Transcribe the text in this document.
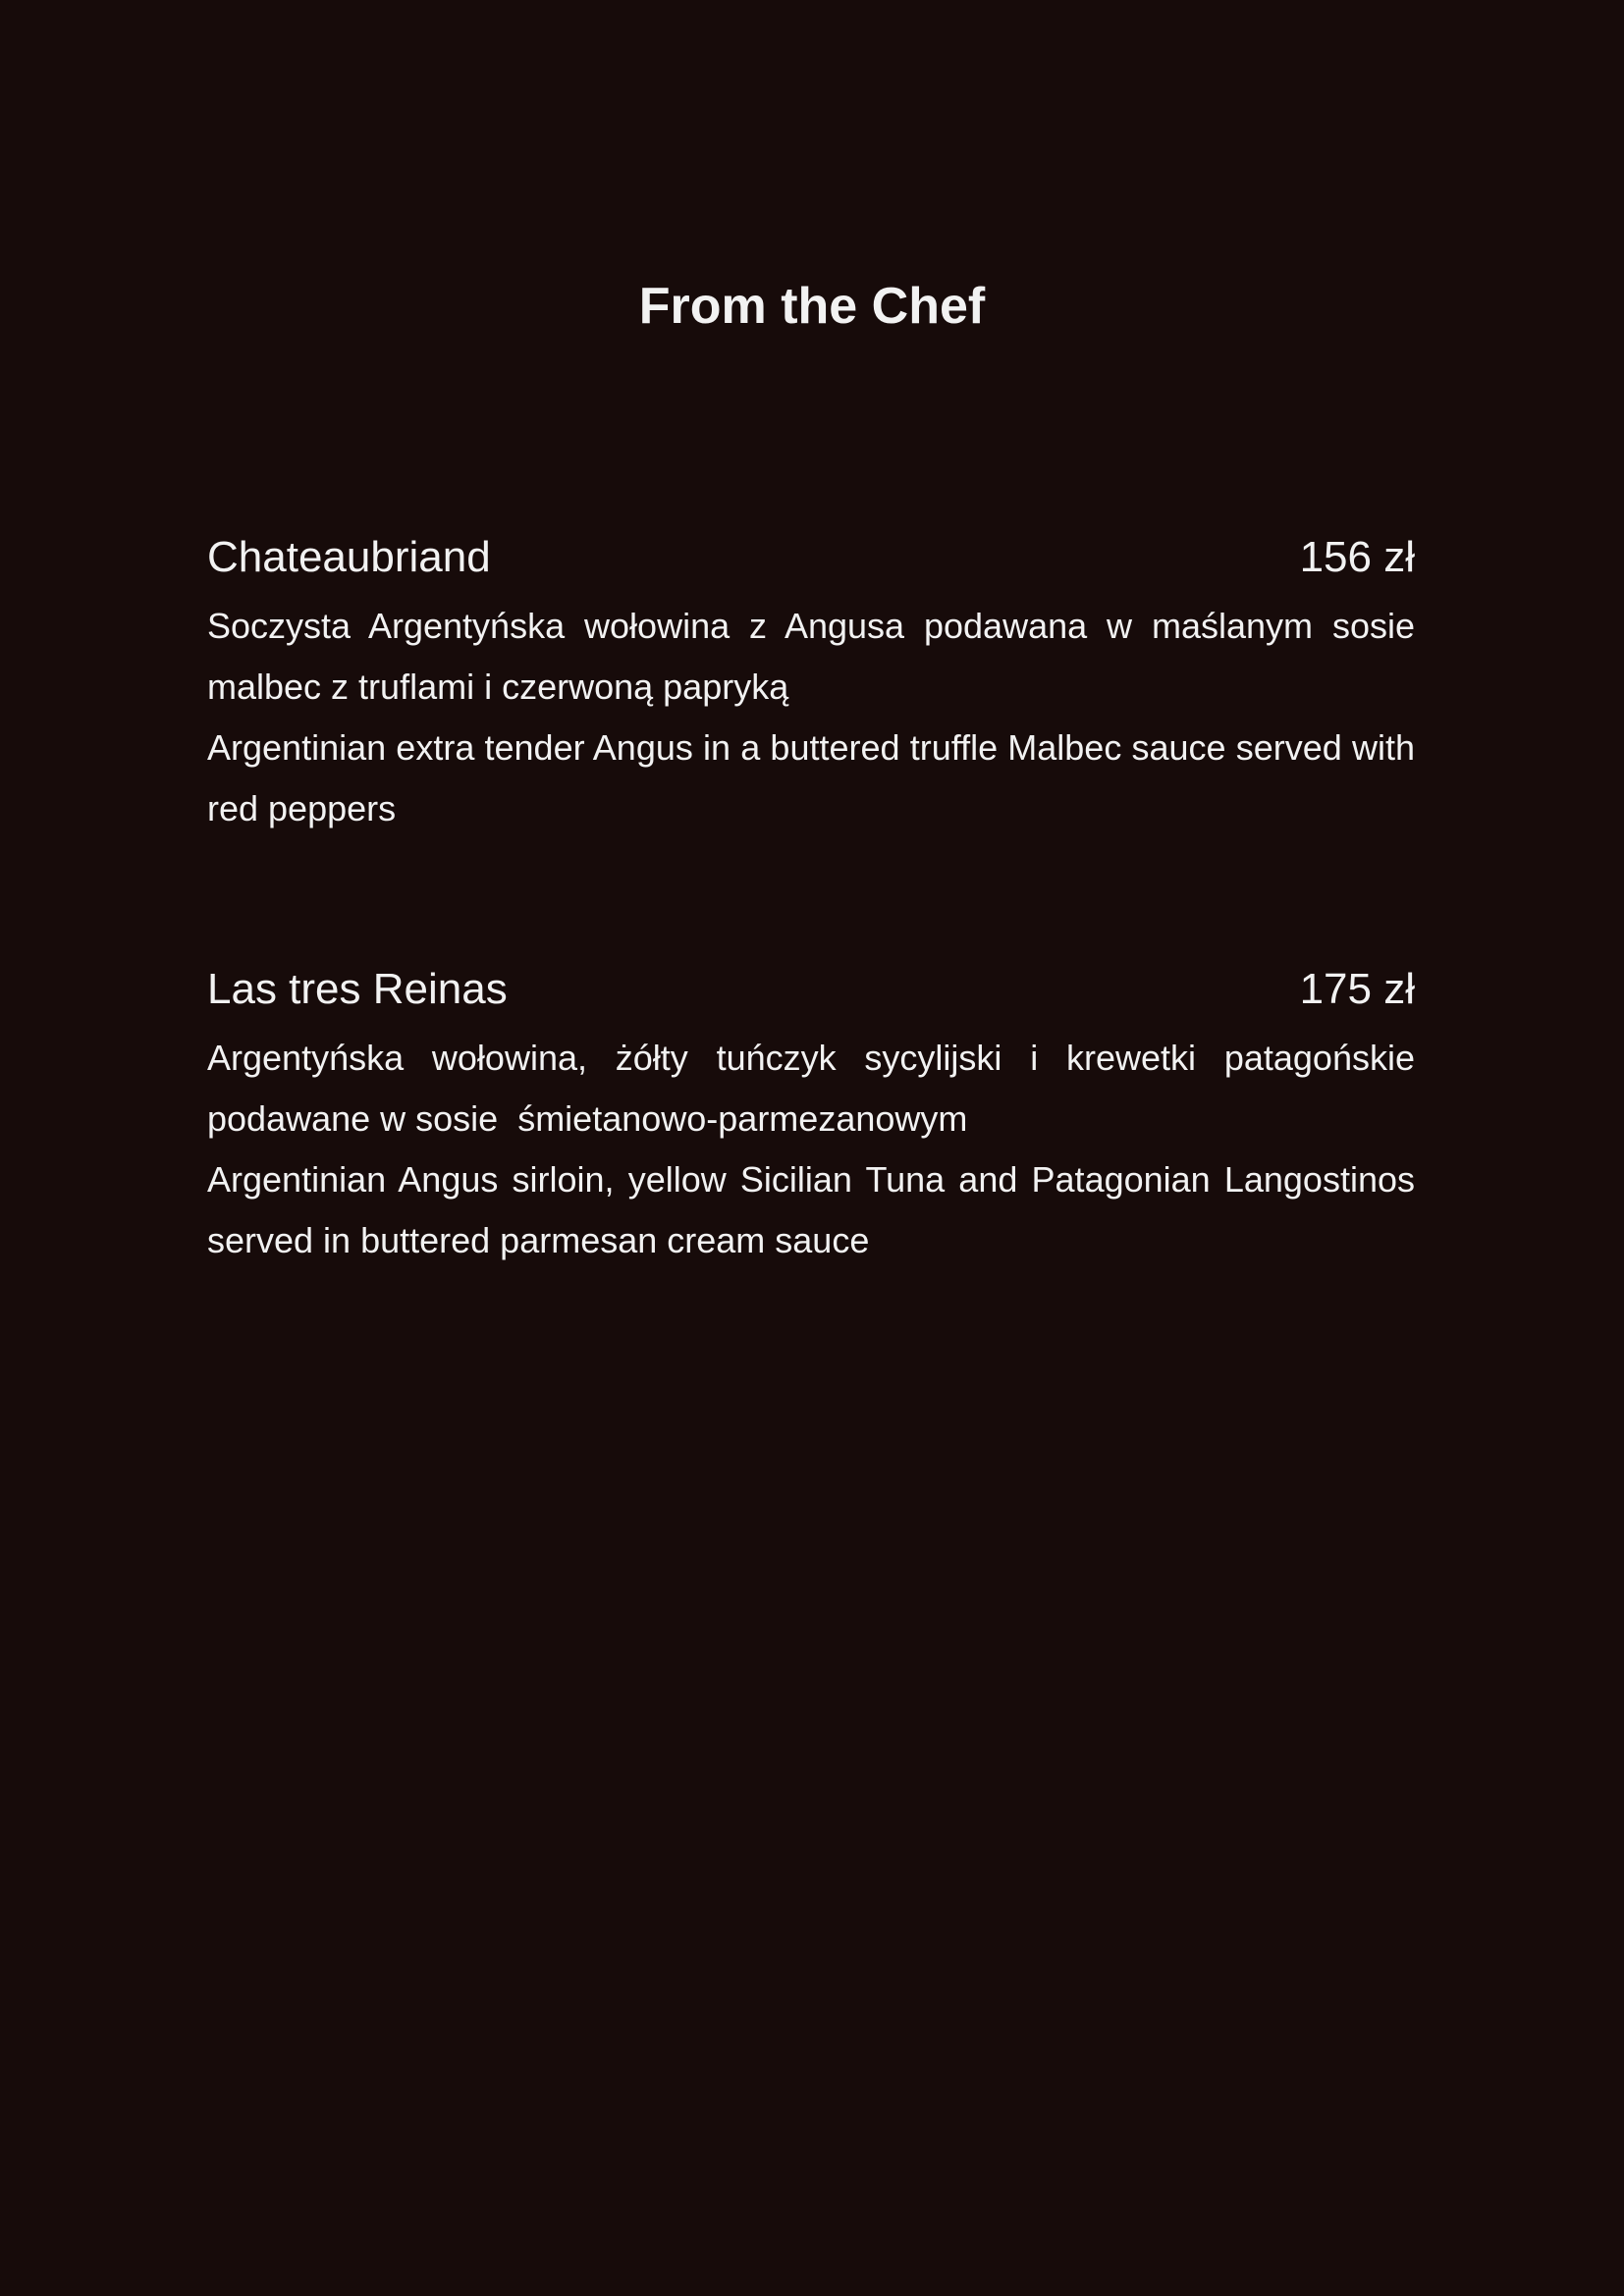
From the Chef
Chateaubriand	156 zł

Soczysta Argentyńska wołowina z Angusa podawana w maślanym sosie malbec z truflami i czerwoną papryką

Argentinian extra tender Angus in a buttered truffle Malbec sauce served with red peppers

Las tres Reinas	175 zł

Argentyńska wołowina, żółty tuńczyk sycylijski i krewetki patagońskie podawane w sosie  śmietanowo-parmezanowym

Argentinian Angus sirloin, yellow Sicilian Tuna and Patagonian Langostinos served in buttered parmesan cream sauce
